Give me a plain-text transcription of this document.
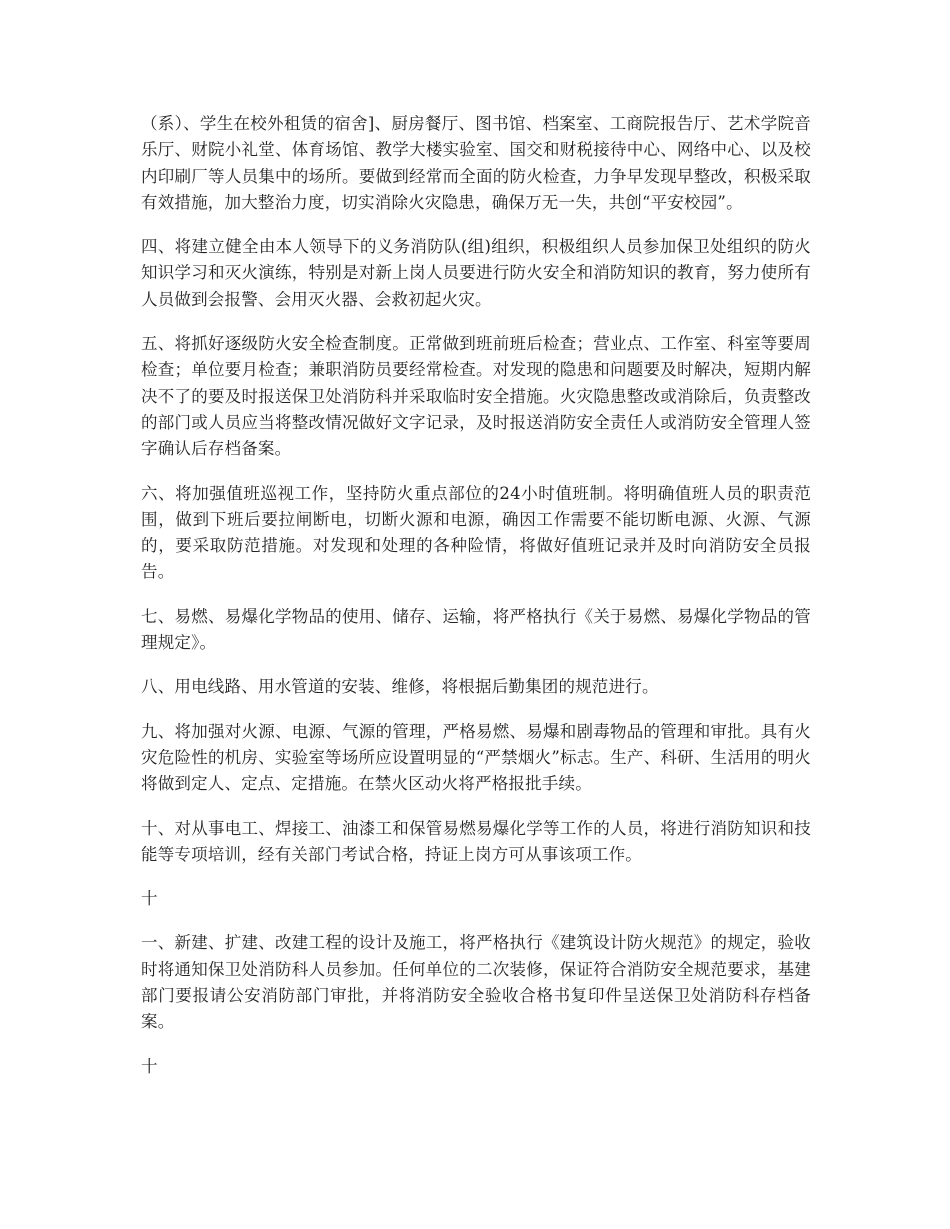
（系）、学生在校外租赁的宿舍]、厨房餐厅、图书馆、档案室、工商院报告厅、艺术学院音乐厅、财院小礼堂、体育场馆、教学大楼实验室、国交和财税接待中心、网络中心、以及校内印刷厂等人员集中的场所。要做到经常而全面的防火检查，力争早发现早整改，积极采取有效措施，加大整治力度，切实消除火灾隐患，确保万无一失，共创“平安校园”。

四、将建立健全由本人领导下的义务消防队(组)组织，积极组织人员参加保卫处组织的防火知识学习和灭火演练，特别是对新上岗人员要进行防火安全和消防知识的教育，努力使所有人员做到会报警、会用灭火器、会救初起火灾。

五、将抓好逐级防火安全检查制度。正常做到班前班后检查；营业点、工作室、科室等要周检查；单位要月检查；兼职消防员要经常检查。对发现的隐患和问题要及时解决，短期内解决不了的要及时报送保卫处消防科并采取临时安全措施。火灾隐患整改或消除后，负责整改的部门或人员应当将整改情况做好文字记录，及时报送消防安全责任人或消防安全管理人签字确认后存档备案。

六、将加强值班巡视工作，坚持防火重点部位的24小时值班制。将明确值班人员的职责范围，做到下班后要拉闸断电，切断火源和电源，确因工作需要不能切断电源、火源、气源的，要采取防范措施。对发现和处理的各种险情，将做好值班记录并及时向消防安全员报告。

七、易燃、易爆化学物品的使用、储存、运输，将严格执行《关于易燃、易爆化学物品的管理规定》。

八、用电线路、用水管道的安装、维修，将根据后勤集团的规范进行。

九、将加强对火源、电源、气源的管理，严格易燃、易爆和剧毒物品的管理和审批。具有火灾危险性的机房、实验室等场所应设置明显的“严禁烟火”标志。生产、科研、生活用的明火将做到定人、定点、定措施。在禁火区动火将严格报批手续。

十、对从事电工、焊接工、油漆工和保管易燃易爆化学等工作的人员，将进行消防知识和技能等专项培训，经有关部门考试合格，持证上岗方可从事该项工作。

十

一、新建、扩建、改建工程的设计及施工，将严格执行《建筑设计防火规范》的规定，验收时将通知保卫处消防科人员参加。任何单位的二次装修，保证符合消防安全规范要求，基建部门要报请公安消防部门审批，并将消防安全验收合格书复印件呈送保卫处消防科存档备案。

十
